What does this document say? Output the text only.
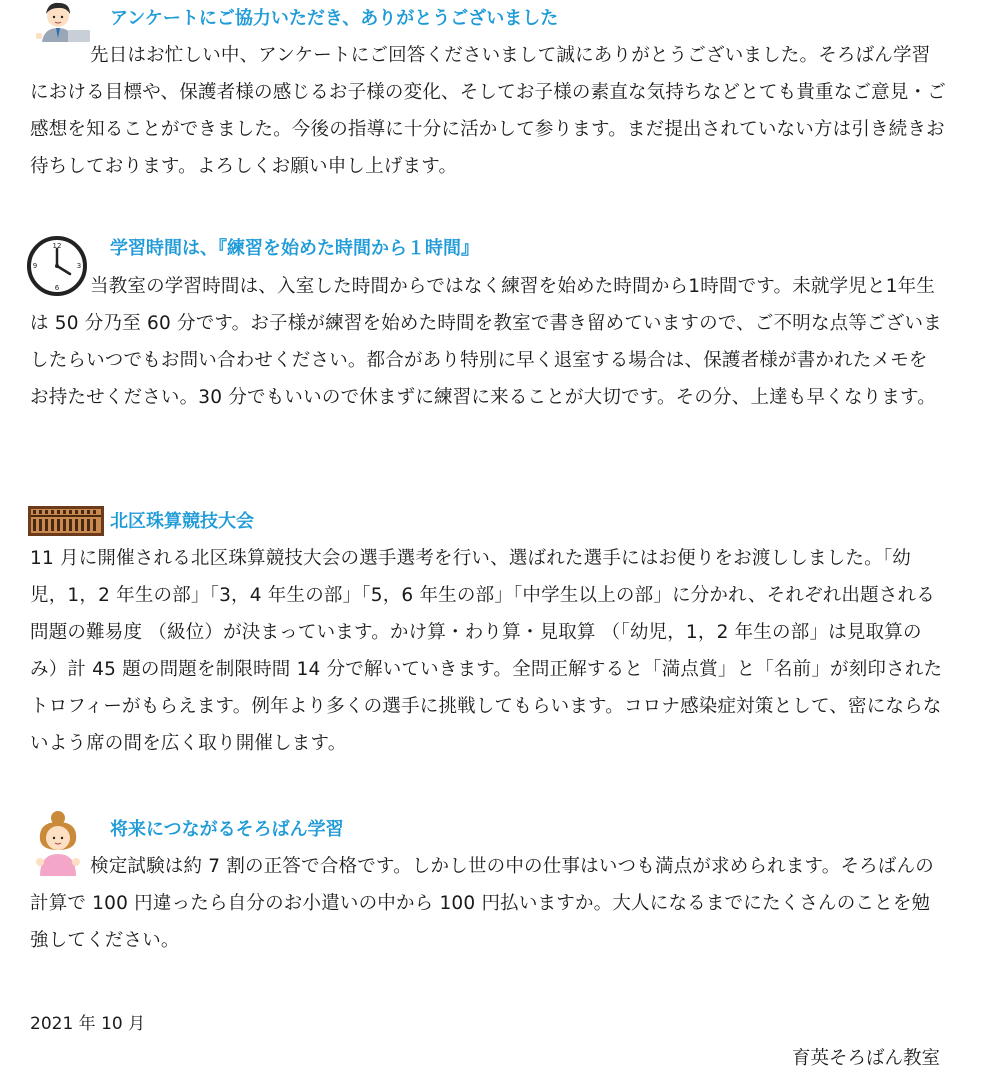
アンケートにご協力いただき、ありがとうございました

先日はお忙しい中、アンケートにご回答くださいまして誠にありがとうございました。そろばん学習における目標や、保護者様の感じるお子様の変化、そしてお子様の素直な気持ちなどとても貴重なご意見・ご感想を知ることができました。今後の指導に十分に活かして参ります。まだ提出されていない方は引き続きお待ちしております。よろしくお願い申し上げます。

12
3
6
9
学習時間は、『練習を始めた時間から１時間』

当教室の学習時間は、入室した時間からではなく練習を始めた時間から1時間です。未就学児と1年生は 50 分乃至 60 分です。お子様が練習を始めた時間を教室で書き留めていますので、ご不明な点等ございましたらいつでもお問い合わせください。都合があり特別に早く退室する場合は、保護者様が書かれたメモをお持たせください。30 分でもいいので休まずに練習に来ることが大切です。その分、上達も早くなります。

北区珠算競技大会

11 月に開催される北区珠算競技大会の選手選考を行い、選ばれた選手にはお便りをお渡ししました。「幼児，1，2 年生の部」「3，4 年生の部」「5，6 年生の部」「中学生以上の部」に分かれ、それぞれ出題される問題の難易度 （級位）が決まっています。かけ算・わり算・見取算 （「幼児，1，2 年生の部」は見取算のみ）計 45 題の問題を制限時間 14 分で解いていきます。全問正解すると「満点賞」と「名前」が刻印されたトロフィーがもらえます。例年より多くの選手に挑戦してもらいます。コロナ感染症対策として、密にならないよう席の間を広く取り開催します。

将来につながるそろばん学習

検定試験は約 7 割の正答で合格です。しかし世の中の仕事はいつも満点が求められます。そろばんの計算で 100 円違ったら自分のお小遣いの中から 100 円払いますか。大人になるまでにたくさんのことを勉強してください。

2021 年 10 月
育英そろばん教室
